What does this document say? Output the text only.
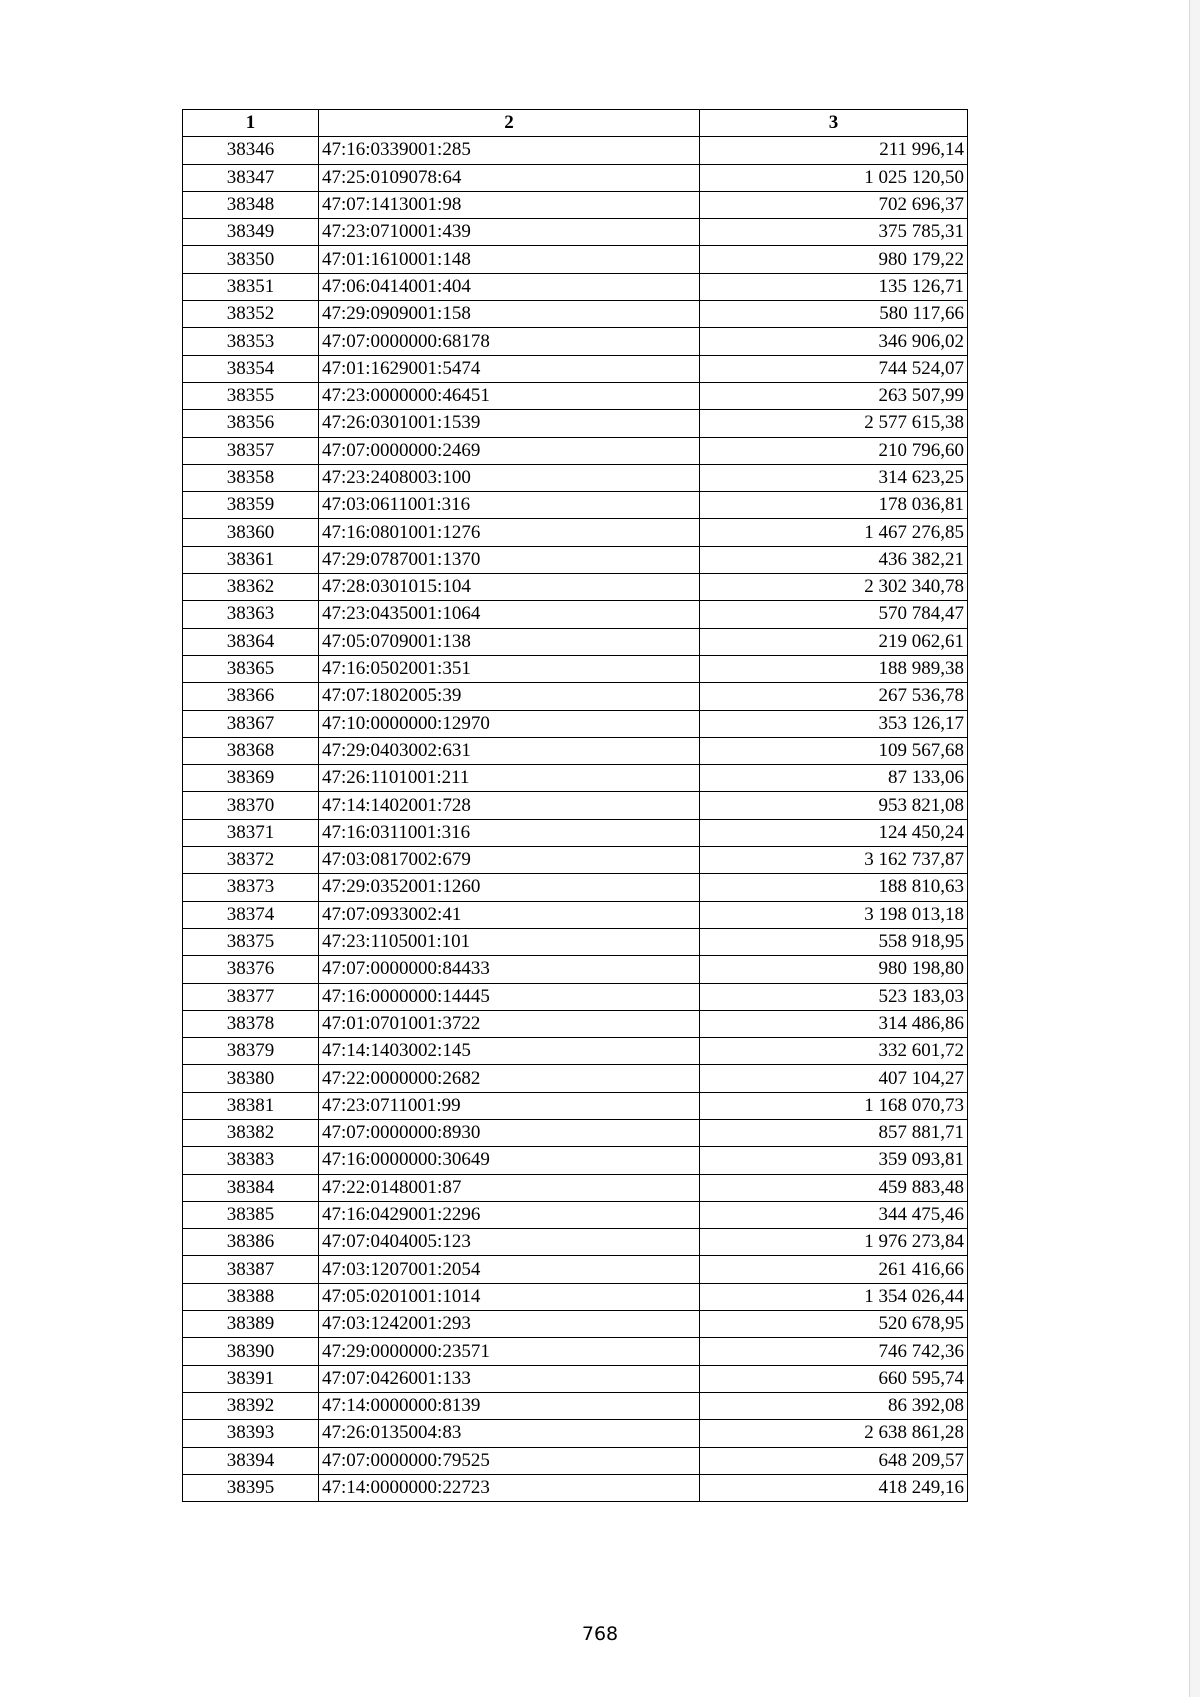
1	2	3
38346	47:16:0339001:285	211 996,14
38347	47:25:0109078:64	1 025 120,50
38348	47:07:1413001:98	702 696,37
38349	47:23:0710001:439	375 785,31
38350	47:01:1610001:148	980 179,22
38351	47:06:0414001:404	135 126,71
38352	47:29:0909001:158	580 117,66
38353	47:07:0000000:68178	346 906,02
38354	47:01:1629001:5474	744 524,07
38355	47:23:0000000:46451	263 507,99
38356	47:26:0301001:1539	2 577 615,38
38357	47:07:0000000:2469	210 796,60
38358	47:23:2408003:100	314 623,25
38359	47:03:0611001:316	178 036,81
38360	47:16:0801001:1276	1 467 276,85
38361	47:29:0787001:1370	436 382,21
38362	47:28:0301015:104	2 302 340,78
38363	47:23:0435001:1064	570 784,47
38364	47:05:0709001:138	219 062,61
38365	47:16:0502001:351	188 989,38
38366	47:07:1802005:39	267 536,78
38367	47:10:0000000:12970	353 126,17
38368	47:29:0403002:631	109 567,68
38369	47:26:1101001:211	87 133,06
38370	47:14:1402001:728	953 821,08
38371	47:16:0311001:316	124 450,24
38372	47:03:0817002:679	3 162 737,87
38373	47:29:0352001:1260	188 810,63
38374	47:07:0933002:41	3 198 013,18
38375	47:23:1105001:101	558 918,95
38376	47:07:0000000:84433	980 198,80
38377	47:16:0000000:14445	523 183,03
38378	47:01:0701001:3722	314 486,86
38379	47:14:1403002:145	332 601,72
38380	47:22:0000000:2682	407 104,27
38381	47:23:0711001:99	1 168 070,73
38382	47:07:0000000:8930	857 881,71
38383	47:16:0000000:30649	359 093,81
38384	47:22:0148001:87	459 883,48
38385	47:16:0429001:2296	344 475,46
38386	47:07:0404005:123	1 976 273,84
38387	47:03:1207001:2054	261 416,66
38388	47:05:0201001:1014	1 354 026,44
38389	47:03:1242001:293	520 678,95
38390	47:29:0000000:23571	746 742,36
38391	47:07:0426001:133	660 595,74
38392	47:14:0000000:8139	86 392,08
38393	47:26:0135004:83	2 638 861,28
38394	47:07:0000000:79525	648 209,57
38395	47:14:0000000:22723	418 249,16
768
